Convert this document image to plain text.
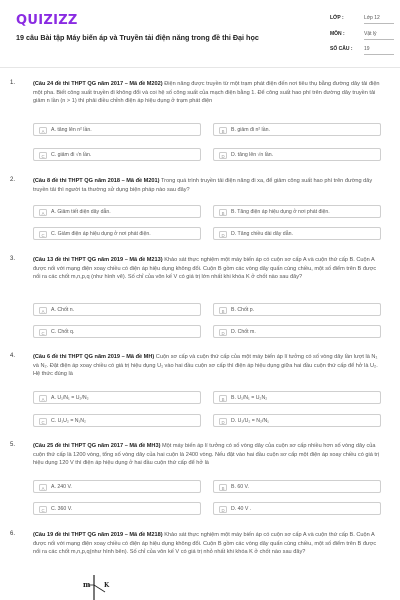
QUIZIZZ
19 câu Bài tập Máy biến áp và Truyền tải điện năng trong đề thi Đại học
LỚP :	Lớp 12
MÔN :	Vật lý
SỐ CÂU : 19
1.	(Câu 24 đề thi THPT QG năm 2017 – Mã đề M202) Điện năng được truyền từ một trạm phát điện đến nơi tiêu thụ bằng đường dây tải điện một pha. Biết công suất truyền đi không đổi và coi hệ số công suất của mạch điện bằng 1. Để công suất hao phí trên đường dây truyền tải giảm n lần (n > 1) thì phải điều chỉnh điện áp hiệu dụng ở trạm phát điện
A	A. tăng lên n² lần.	B	B. giảm đi n² lần.
C	C. giảm đi √n lần.	D	D. tăng lên √n lần.
2.	(Câu 8 đề thi THPT QG năm 2018 – Mã đề M201) Trong quá trình truyền tải điện năng đi xa, để giảm công suất hao phí trên đường dây truyền tải thì người ta thường sử dụng biện pháp nào sau đây?
A	A. Giảm tiết diện dây dẫn.	B	B. Tăng điện áp hiệu dụng ở nơi phát điện.
C	C. Giảm điện áp hiệu dụng ở nơi phát điện.	D	D. Tăng chiều dài dây dẫn.
3.	(Câu 13 đề thi THPT QG năm 2019 – Mã đề M213) Khảo sát thực nghiệm một máy biến áp có cuộn sơ cấp A và cuộn thứ cấp B. Cuộn A được nối với mạng điện xoay chiều có điện áp hiệu dụng không đổi. Cuộn B gồm các vòng dây quấn cùng chiều, một số điểm trên B được nối ra các chốt m,n,p,q (như hình vẽ). Số chỉ của vôn kế V có giá trị lớn nhất khi khóa K ở chốt nào sau đây?
A	A. Chốt n.	B	B. Chốt p.
C	C. Chốt q.	D	D. Chốt m.
4.	(Câu 6 đề thi THPT QG năm 2019 – Mã đề MH) Cuộn sơ cấp và cuộn thứ cấp của một máy biến áp lí tưởng có số vòng dây lần lượt là N₁ và N₂. Đặt điện áp xoay chiều có giá trị hiệu dụng U₁ vào hai đầu cuộn sơ cấp thì điện áp hiệu dụng giữa hai đầu cuộn thứ cấp để hở là U₂. Hệ thức đúng là
A	A. U₁/N₁ = U₂/N₂	B	B. U₁/N₁ = U₂N₂
C	C. U₁U₂ = N₁N₂	D	D. U₁/U₂ = N₂/N₁
5.	(Câu 25 đề thi THPT QG năm 2017 – Mã đề MH3) Một máy biến áp lí tưởng có số vòng dây của cuộn sơ cấp nhiều hơn số vòng dây của cuộn thứ cấp là 1200 vòng, tổng số vòng dây của hai cuộn là 2400 vòng. Nếu đặt vào hai đầu cuộn sơ cấp một điện áp xoay chiều có giá trị hiệu dụng 120 V thì điện áp hiệu dụng ở hai đầu cuộn thứ cấp để hở là
A	A. 240 V.	B	B. 60 V.
C	C. 360 V.	D	D. 40 V .
6.	(Câu 19 đề thi THPT QG năm 2019 – Mã đề M218) Khảo sát thực nghiệm một máy biến áp có cuộn sơ cấp A và cuộn thứ cấp B. Cuộn A được nối với mạng điện xoay chiều có điện áp hiệu dụng không đổi. Cuộn B gồm các vòng dây quấn cùng chiều, một số điểm trên B được nối ra các chốt m,n,p,q(như hình bên). Số chỉ của vôn kế V có giá trị nhỏ nhất khi khóa K ở chốt nào sau đây?
m K
